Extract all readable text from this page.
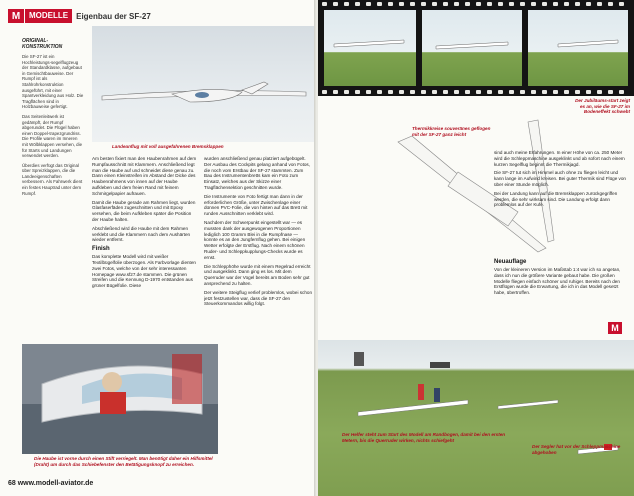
M	MODELLE	Eigenbau der SF-27
ORIGINAL-KONSTRUKTION

Die SF-27 ist ein Hochleistungs-segelflugzeug der Standardklasse, aufgebaut in Gemischtbauweise. Der Rumpf ist als Stahlrohrkonstruktion ausgeführt, mit einer Spantverkleidung aus Holz. Die Tragflächen sind in Holzbauweise gefertigt.

Das Seitenleitwerk ist gedämpft, der Rumpf abgerundet. Die Flügel haben einen Doppel-trapezgrundriss. Die Profile waren im Inneren mit Wölbklappen versehen, die für Starts und Landungen verwendet werden.

Überdies verfügt das Original über Spreizklappen, die die Landeeigenschaften verbessern. Als Fahrwerk dient ein festes Hauptrad unter dem Rumpf.

Landeanflug mit voll ausgefahrenen Bremsklappen

Am besten fixiert man den Haubenrahmen auf dem Rumpfausschnitt mit Klammern. Anschließend legt man die Haube auf und schneidet diese genau zu. Dann einen Kleinstreifen im Abstand der Dicke des Haubenrahmens von innen auf der Haube aufkleben und dem freien Rand mit feinem Schmirgelpapier aufrauen.

Damit die Haube gerade am Rahmen liegt, wurden Glasfaserfäden zugeschnitten und mit Epoxy versehen, die beim Aufkleben später die Position der Haube halten.

Abschließend wird die Haube mit dem Rahmen verklebt und die Klammern nach dem Aushärten wieder entfernt.

Finish

Das komplette Modell wird mit weißer Textilbügelfolie überzogen. Als Farbvorlage dienten zwei Fotos, welche von der sehr interessanten Homepage www.sf27.de stammen. Die grünen Streifen und die Kennung D-1970 entstanden aus grüner Bügelfolie. Diese

wurden anschließend genau platziert aufgebügelt. Der Ausbau des Cockpits gelang anhand von Fotos, die noch vom Erstbau der SF-27 stammten. Zum Bau des Instrumentenbretts kam ein Foto zum Einsatz, welches aus der Skizze einer Tragflächensektion geschnitten wurde.

Die Instrumente von Foto fertigt man dann in der erforderlichen Größe, unter Zwischenlage einer dünnen PVC-Folie, die von hinten auf das Brett mit runden Ausschnitten verklebt wird.

Nachdem der Schwerpunkt eingestellt war — es mussten dank der ausgewogenen Proportionen lediglich 100 Gramm Blei in die Rumpfnase — konnte es an den Jungfernflug gehen. Bei einigen Wetter erfolgte der Erstflug. Nach einem schönen Ruder- und Schleppkupplungs-Checks wurde es ernst.

Die Schlepphöhe wurde mit einem Regelrad erreicht und ausgeklinkt. Dann ging es los. Mit dem Querruder war der Vogel bereits am Boden sehr gut ansprechend zu halten.

Der weitere Steigflug verlief problemlos, wobei schon jetzt festzustellen war, dass die SF-27 den Steuerkommandos willig folgt.

Die Haube ist vorne durch einen Stift verriegelt. Man benötigt daher ein Hilfsmittel (Draht) um durch das Schiebefenster den Betätigungsknopf zu erreichen.
68 www.modell-aviator.de
Der Jubiläums-start zeigt es an, wie die SF-27 im Bodeneffekt schwebt
Thermikkreise souveränes geflogen mit der SF-27 ganz leicht

sind auch meine Erfahrungen. In einer Höhe von ca. 250 Meter wird die Schleppmaschine ausgeklinkt und ab sofort nach einem kurzen Segelflug beginnt die Thermikjagd.

Die SF-27 tut sich im Himmel auch ohne zu fliegen leicht und kann lange im Aufwind kreisen. Bei guter Thermik sind Flüge von über einer Stunde möglich.

Bei der Landung kann auf die Bremsklappen zurückgegriffen werden, die sehr wirksam sind. Die Landung erfolgt dann problemlos auf der Kufe.

Neuauflage

Von der kleineren Version im Maßstab 1:4 war ich so angetan, dass ich nun die größere Variante gebaut habe. Die großen Modelle fliegen einfach schöner und ruhiger. Bereits nach den Erstflügen wurde die Erwartung, die ich in das Modell gesetzt habe, übertroffen.

M
Der Helfer steht zum Start des Modell am Randbogen, damit bei den ersten Metern, bis die Querruder wirken, nichts schiefgeht
Der Segler hat vor der Schleppmaschine abgehoben
